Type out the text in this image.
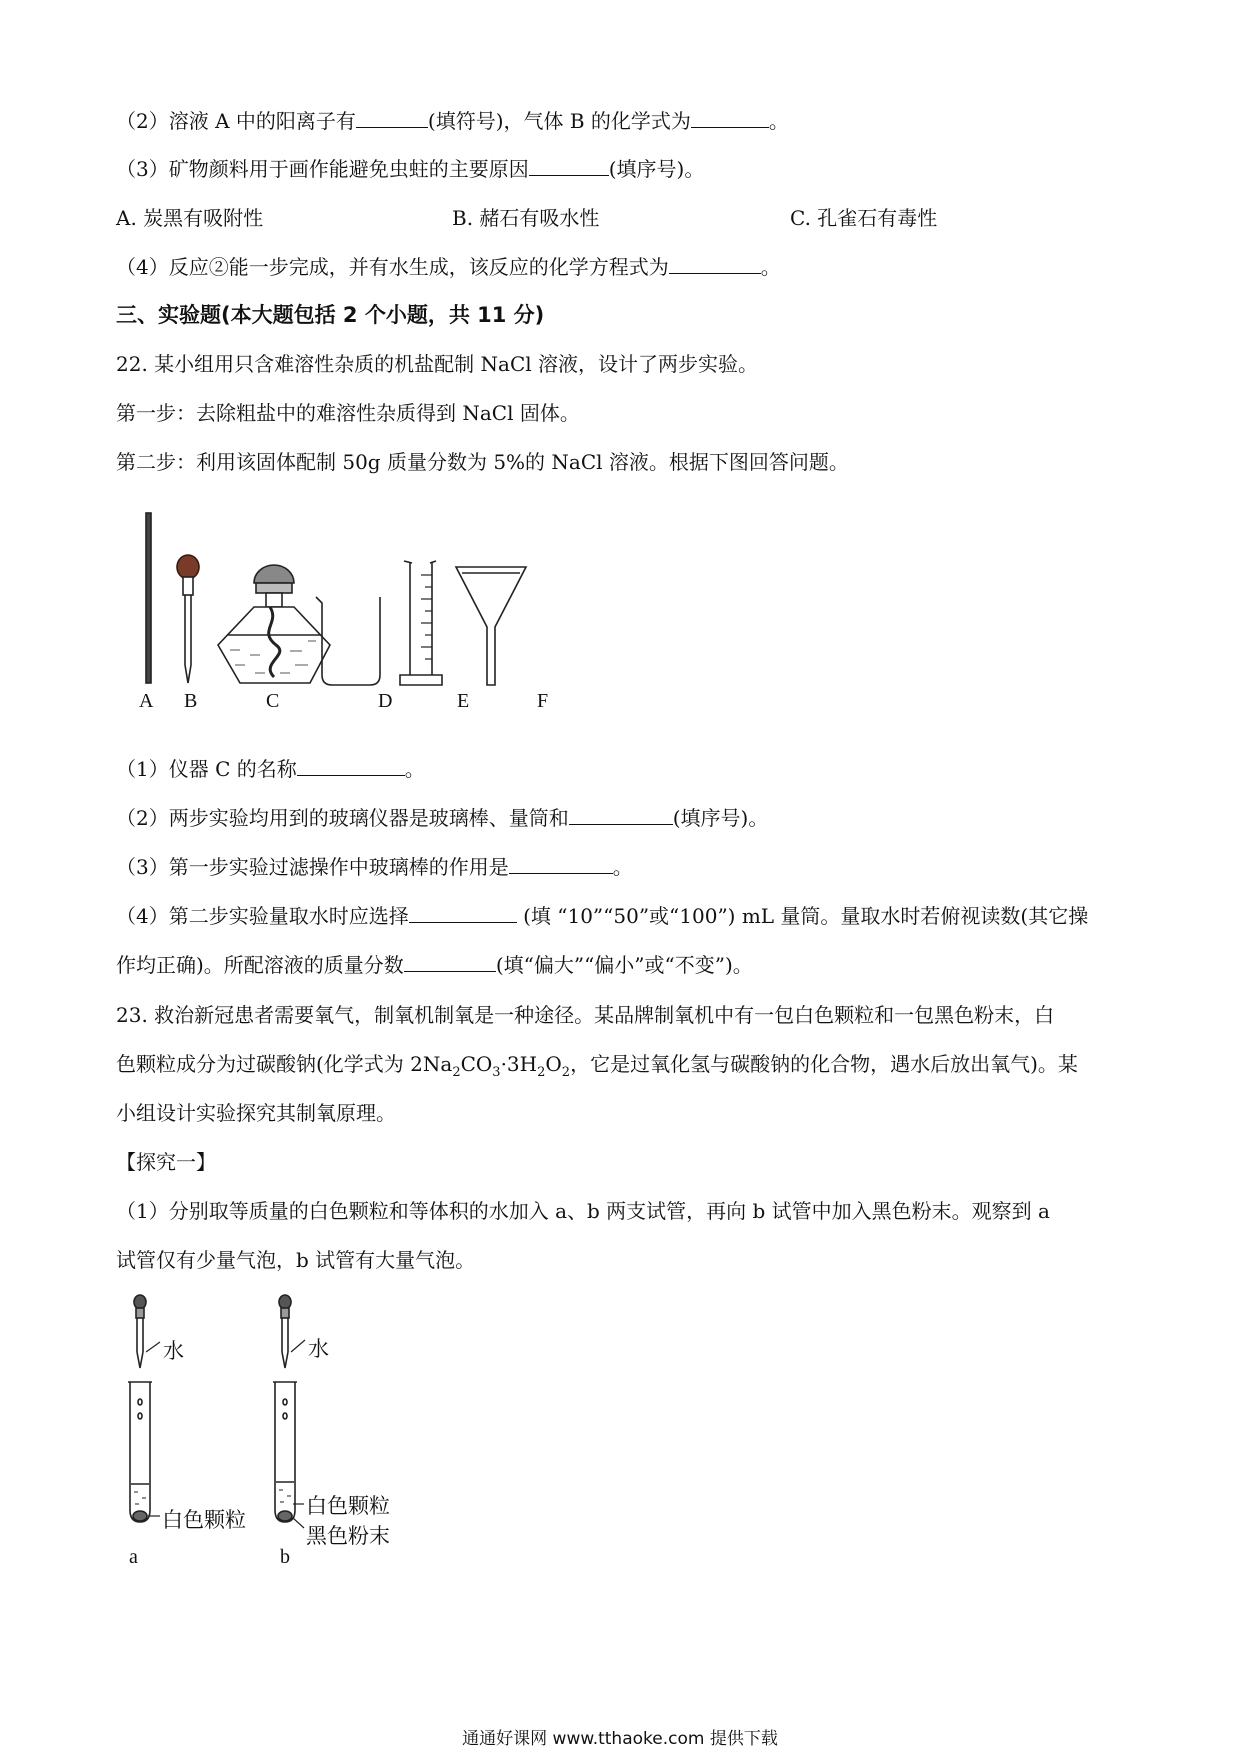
（2）溶液 A 中的阳离子有	(填符号)，气体 B 的化学式为	。
（3）矿物颜料用于画作能避免虫蛀的主要原因	(填序号)。
A. 炭黑有吸附性	B. 赭石有吸水性	C. 孔雀石有毒性
（4）反应②能一步完成，并有水生成，该反应的化学方程式为	。
三、实验题(本大题包括 2 个小题，共 11 分)
22. 某小组用只含难溶性杂质的机盐配制 NaCl 溶液，设计了两步实验。
第一步：去除粗盐中的难溶性杂质得到 NaCl 固体。
第二步：利用该固体配制 50g 质量分数为 5%的 NaCl 溶液。根据下图回答问题。
A B	C	D	E	F
（1）仪器 C 的名称	。
（2）两步实验均用到的玻璃仪器是玻璃棒、量筒和	(填序号)。
（3）第一步实验过滤操作中玻璃棒的作用是	。
（4）第二步实验量取水时应选择	(填 “10”“50”或“100”) mL 量筒。量取水时若俯视读数(其它操
作均正确)。所配溶液的质量分数	(填“偏大”“偏小”或“不变”)。
23. 救治新冠患者需要氧气，制氧机制氧是一种途径。某品牌制氧机中有一包白色颗粒和一包黑色粉末，白
色颗粒成分为过碳酸钠(化学式为 $2Na_2CO_3\cdot 3H_2O_2$，它是过氧化氢与碳酸钠的化合物，遇水后放出氧气)。某
小组设计实验探究其制氧原理。
【探究一】
（1）分别取等质量的白色颗粒和等体积的水加入 a、b 两支试管，再向 b 试管中加入黑色粉末。观察到 a
试管仅有少量气泡，b 试管有大量气泡。
水	水
白色颗粒
白色颗粒
黑色粉末
a	b
通通好课网 www.tthaoke.com 提供下载
